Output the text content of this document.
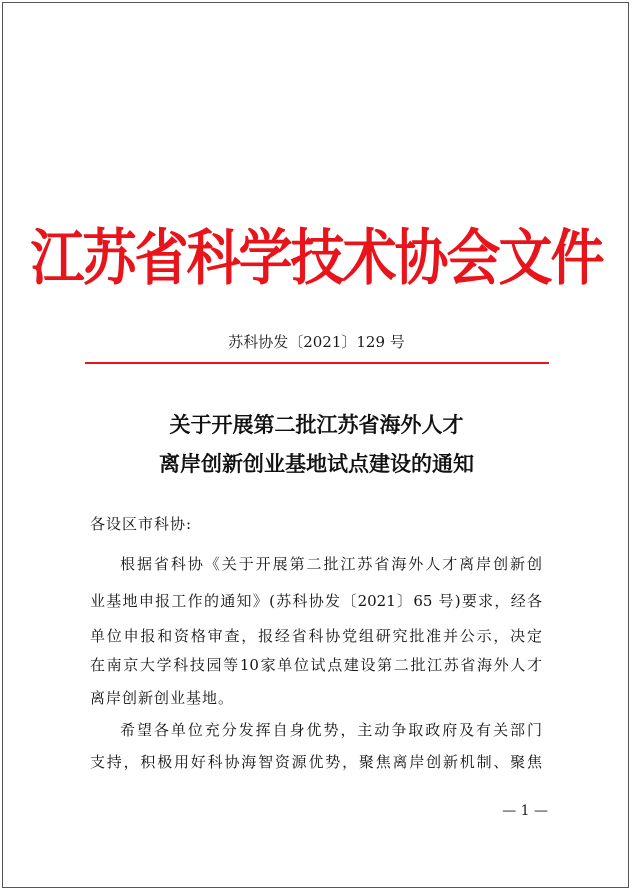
江苏省科学技术协会文件
苏科协发〔2021〕129 号
关于开展第二批江苏省海外人才
离岸创新创业基地试点建设的通知
各设区市科协:
根据省科协《关于开展第二批江苏省海外人才离岸创新创
业基地申报工作的通知》(苏科协发〔2021〕65 号)要求，经各
单位申报和资格审查，报经省科协党组研究批准并公示，决定
在南京大学科技园等10家单位试点建设第二批江苏省海外人才
离岸创新创业基地。
希望各单位充分发挥自身优势，主动争取政府及有关部门
支持，积极用好科协海智资源优势，聚焦离岸创新机制、聚焦
— 1 —
